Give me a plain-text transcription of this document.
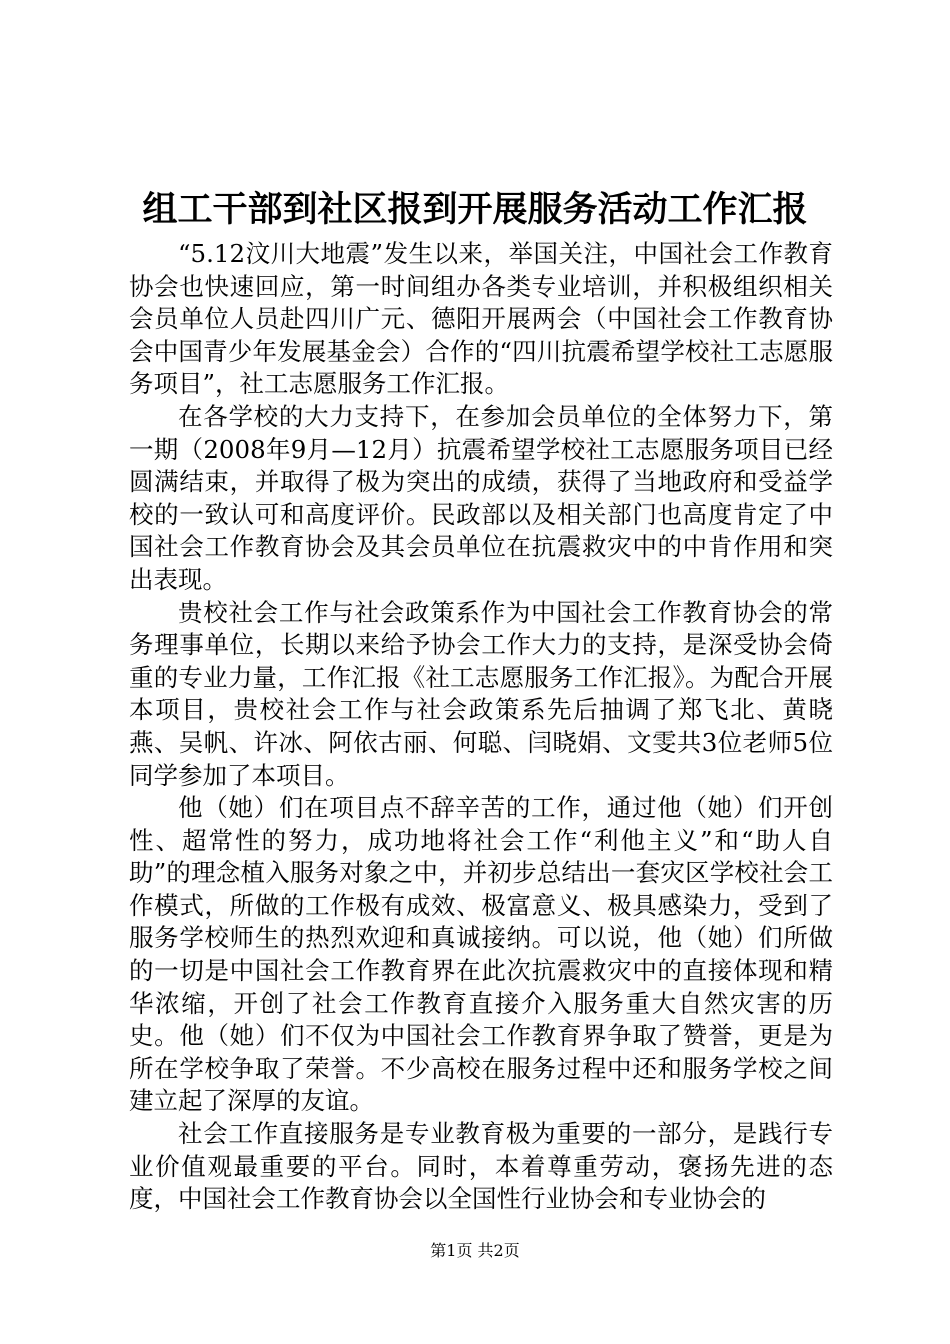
组工干部到社区报到开展服务活动工作汇报

“5.12汶川大地震”发生以来，举国关注，中国社会工作教育协会也快速回应，第一时间组办各类专业培训，并积极组织相关会员单位人员赴四川广元、德阳开展两会（中国社会工作教育协会中国青少年发展基金会）合作的“四川抗震希望学校社工志愿服务项目”，社工志愿服务工作汇报。

在各学校的大力支持下，在参加会员单位的全体努力下，第一期（2008年9月—12月）抗震希望学校社工志愿服务项目已经圆满结束，并取得了极为突出的成绩，获得了当地政府和受益学校的一致认可和高度评价。民政部以及相关部门也高度肯定了中国社会工作教育协会及其会员单位在抗震救灾中的中肯作用和突出表现。

贵校社会工作与社会政策系作为中国社会工作教育协会的常务理事单位，长期以来给予协会工作大力的支持，是深受协会倚重的专业力量，工作汇报《社工志愿服务工作汇报》。为配合开展本项目，贵校社会工作与社会政策系先后抽调了郑飞北、黄晓燕、吴帆、许冰、阿依古丽、何聪、闫晓娟、文雯共3位老师5位同学参加了本项目。

他（她）们在项目点不辞辛苦的工作，通过他（她）们开创性、超常性的努力，成功地将社会工作“利他主义”和“助人自助”的理念植入服务对象之中，并初步总结出一套灾区学校社会工作模式，所做的工作极有成效、极富意义、极具感染力，受到了服务学校师生的热烈欢迎和真诚接纳。可以说，他（她）们所做的一切是中国社会工作教育界在此次抗震救灾中的直接体现和精华浓缩，开创了社会工作教育直接介入服务重大自然灾害的历史。他（她）们不仅为中国社会工作教育界争取了赞誉，更是为所在学校争取了荣誉。不少高校在服务过程中还和服务学校之间建立起了深厚的友谊。

社会工作直接服务是专业教育极为重要的一部分，是践行专业价值观最重要的平台。同时，本着尊重劳动，褒扬先进的态度，中国社会工作教育协会以全国性行业协会和专业协会的

第1页 共2页
